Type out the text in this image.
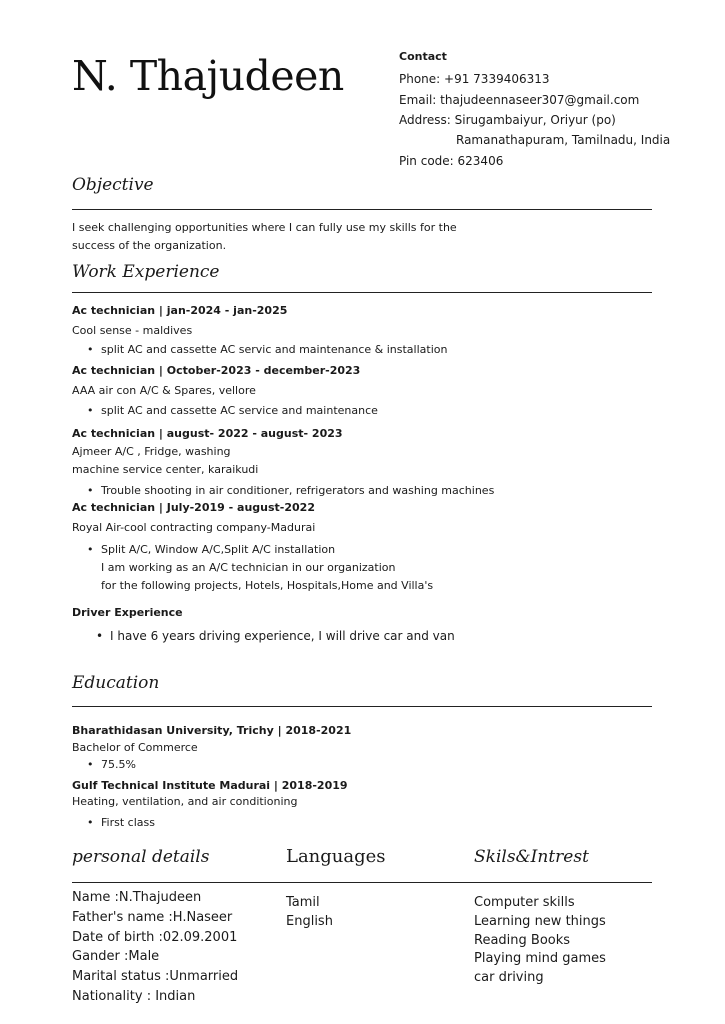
N. Thajudeen	Contact
Phone: +91 7339406313
Email: thajudeennaseer307@gmail.com
Address: Sirugambaiyur, Oriyur (po)
Ramanathapuram, Tamilnadu, India
Pin code: 623406
Objective
I seek challenging opportunities where I can fully use my skills for the
success of the organization.
Work Experience
Ac technician | jan-2024 - jan-2025
Cool sense - maldives
• split AC and cassette AC servic and maintenance & installation
Ac technician | October-2023 - december-2023
AAA air con A/C & Spares, vellore
• split AC and cassette AC service and maintenance
Ac technician | august- 2022 - august- 2023
Ajmeer A/C , Fridge, washing
machine service center, karaikudi
• Trouble shooting in air conditioner, refrigerators and washing machines
Ac technician | July-2019 - august-2022
Royal Air-cool contracting company-Madurai
• Split A/C, Window A/C,Split A/C installation
I am working as an A/C technician in our organization
for the following projects, Hotels, Hospitals,Home and Villa's
Driver Experience
• I have 6 years driving experience, I will drive car and van
Education
Bharathidasan University, Trichy | 2018-2021
Bachelor of Commerce
• 75.5%
Gulf Technical Institute Madurai | 2018-2019
Heating, ventilation, and air conditioning
• First class
personal details	Languages	Skils&Intrest
Name :N.Thajudeen
Father's name :H.Naseer
Date of birth :02.09.2001
Gander :Male
Marital status :Unmarried
Nationality : Indian
Tamil
English
Computer skills
Learning new things
Reading Books
Playing mind games
car driving
